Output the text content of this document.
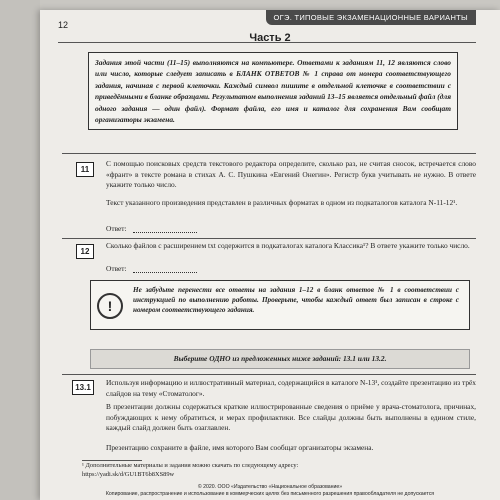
12
ОГЭ. ТИПОВЫЕ ЭКЗАМЕНАЦИОННЫЕ ВАРИАНТЫ
Часть 2
Задания этой части (11–15) выполняются на компьютере. Ответами к заданиям 11, 12 являются слово или число, которые следует записать в БЛАНК ОТВЕТОВ № 1 справа от номера соответствующего задания, начиная с первой клеточки. Каждый символ пишите в отдельной клеточке в соответствии с приведёнными в бланке образцами. Результатом выполнения заданий 13–15 является отдельный файл (для одного задания — один файл). Формат файла, его имя и каталог для сохранения Вам сообщат организаторы экзамена.
11
С помощью поисковых средств текстового редактора определите, сколько раз, не считая сносок, встречается слово «франт» в тексте романа в стихах А. С. Пушкина «Евгений Онегин». Регистр букв учитывать не нужно. В ответе укажите только число.
Текст указанного произведения представлен в различных форматах в одном из подкаталогов каталога N-11-12¹.
Ответ:
12
Сколько файлов с расширением txt содержится в подкаталогах каталога Классика¹? В ответе укажите только число.
Ответ:
!
Не забудьте перенести все ответы на задания 1–12 в бланк ответов № 1 в соответствии с инструкцией по выполнению работы. Проверьте, чтобы каждый ответ был записан в строке с номером соответствующего задания.
Выберите ОДНО из предложенных ниже заданий: 13.1 или 13.2.
13.1
Используя информацию и иллюстративный материал, содержащийся в каталоге N-13¹, создайте презентацию из трёх слайдов на тему «Стоматолог».
В презентации должны содержаться краткие иллюстрированные сведения о приёме у врача-стоматолога, причинах, побуждающих к нему обратиться, и мерах профилактики. Все слайды должны быть выполнены в едином стиле, каждый слайд должен быть озаглавлен.
Презентацию сохраните в файле, имя которого Вам сообщат организаторы экзамена.
¹ Дополнительные материалы и задания можно скачать по следующему адресу:
https://yadi.sk/d/GU1BT6b8XS89w
© 2020. ООО «Издательство «Национальное образование»
Копирование, распространение и использование в коммерческих целях без письменного разрешения правообладателя не допускается
